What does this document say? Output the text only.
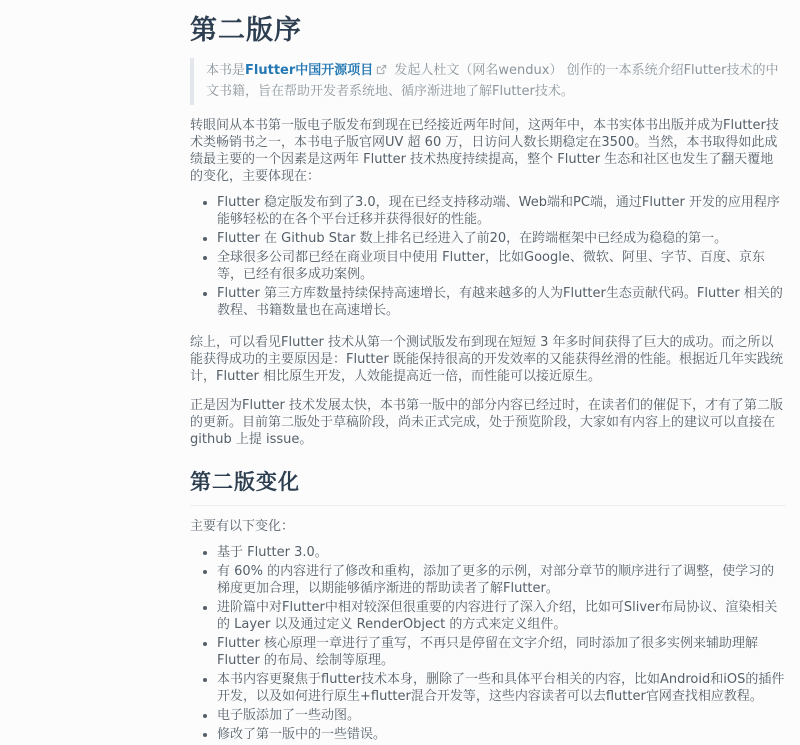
第二版序
本书是Flutter中国开源项目 发起人杜文（网名wendux） 创作的一本系统介绍Flutter技术的中文书籍，旨在帮助开发者系统地、循序渐进地了解Flutter技术。

转眼间从本书第一版电子版发布到现在已经接近两年时间，这两年中，本书实体书出版并成为Flutter技术类畅销书之一，本书电子版官网UV 超 60 万，日访问人数长期稳定在3500。当然，本书取得如此成绩最主要的一个因素是这两年 Flutter 技术热度持续提高，整个 Flutter 生态和社区也发生了翻天覆地的变化，主要体现在：

• Flutter 稳定版发布到了3.0，现在已经支持移动端、Web端和PC端，通过Flutter 开发的应用程序能够轻松的在各个平台迁移并获得很好的性能。
• Flutter 在 Github Star 数上排名已经进入了前20，在跨端框架中已经成为稳稳的第一。
• 全球很多公司都已经在商业项目中使用 Flutter，比如Google、微软、阿里、字节、百度、京东等，已经有很多成功案例。
• Flutter 第三方库数量持续保持高速增长，有越来越多的人为Flutter生态贡献代码。Flutter 相关的教程、书籍数量也在高速增长。

综上，可以看见Flutter 技术从第一个测试版发布到现在短短 3 年多时间获得了巨大的成功。而之所以能获得成功的主要原因是：Flutter 既能保持很高的开发效率的又能获得丝滑的性能。根据近几年实践统计，Flutter 相比原生开发，人效能提高近一倍，而性能可以接近原生。

正是因为Flutter 技术发展太快，本书第一版中的部分内容已经过时，在读者们的催促下，才有了第二版的更新。目前第二版处于草稿阶段，尚未正式完成，处于预览阶段，大家如有内容上的建议可以直接在 github 上提 issue。

第二版变化

主要有以下变化：

• 基于 Flutter 3.0。
• 有 60% 的内容进行了修改和重构，添加了更多的示例，对部分章节的顺序进行了调整，使学习的梯度更加合理，以期能够循序渐进的帮助读者了解Flutter。
• 进阶篇中对Flutter中相对较深但很重要的内容进行了深入介绍，比如可Sliver布局协议、渲染相关的 Layer 以及通过定义 RenderObject 的方式来定义组件。
• Flutter 核心原理一章进行了重写，不再只是停留在文字介绍，同时添加了很多实例来辅助理解Flutter 的布局、绘制等原理。
• 本书内容更聚焦于flutter技术本身，删除了一些和具体平台相关的内容，比如Android和iOS的插件开发，以及如何进行原生+flutter混合开发等，这些内容读者可以去flutter官网查找相应教程。
• 电子版添加了一些动图。
• 修改了第一版中的一些错误。
